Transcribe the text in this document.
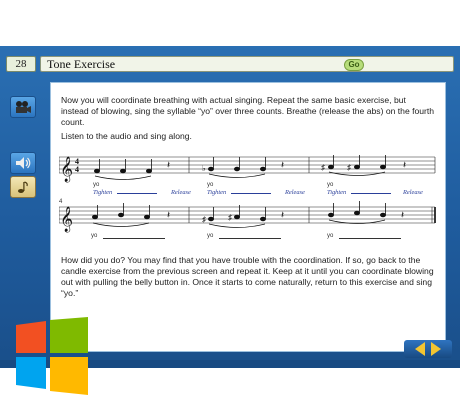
28	Tone Exercise	Go
Now you will coordinate breathing with actual singing. Repeat the same basic exercise, but instead of blowing, sing the syllable “yo” over three counts. Breathe (release the abs) on the fourth count.
Listen to the audio and sing along.
𝄞 4
4	𝄽	♭	𝄽	♯	♯	𝄽
yo	yo	yo
Tighten	Release	Tighten	Release	Tighten	Release
4
𝄞	𝄽	♯	♯	𝄽	𝄽
yo	yo	yo
How did you do? You may find that you have trouble with the coordination. If so, go back to the candle exercise from the previous screen and repeat it. Keep at it until you can coordinate blowing out with pulling the belly button in. Once it starts to come naturally, return to this exercise and sing “yo.”
